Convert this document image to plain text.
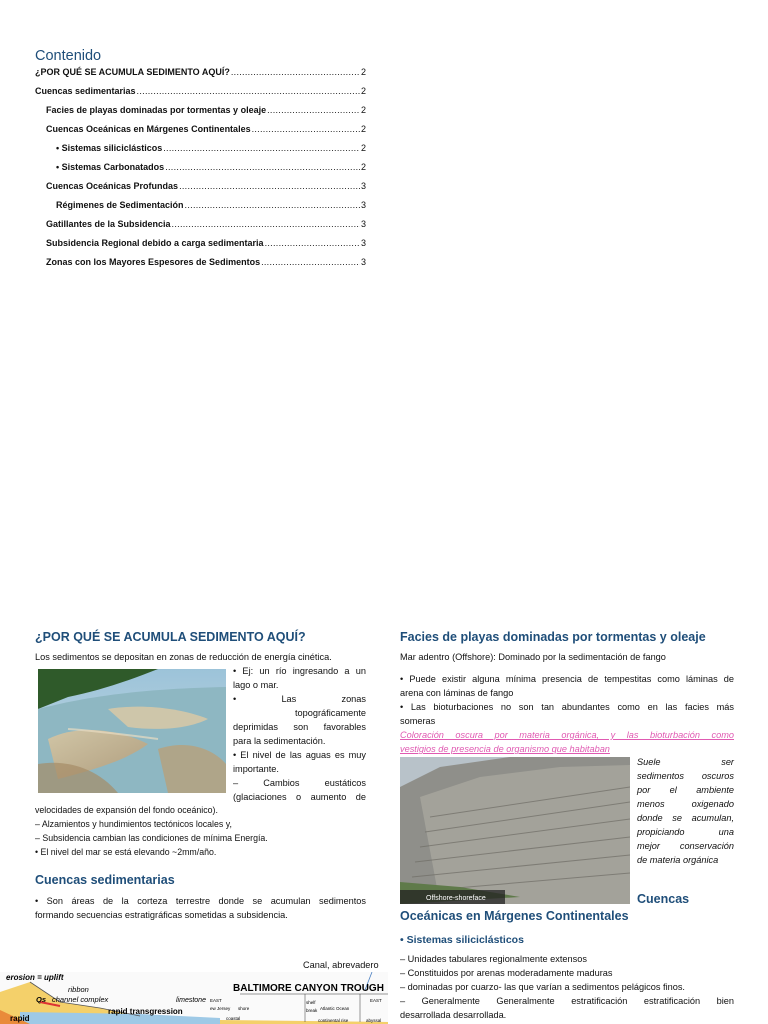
Contenido
¿POR QUÉ SE ACUMULA SEDIMENTO AQUÍ? .....	2
Cuencas sedimentarias .....	2
Facies de playas dominadas por tormentas y oleaje .....	2
Cuencas Oceánicas en Márgenes Continentales .....	2
• Sistemas siliciclásticos .....	2
• Sistemas Carbonatados .....	2
Cuencas Oceánicas Profundas .....	3
Régimenes de Sedimentación .....	3
Gatillantes de la Subsidencia .....	3
Subsidencia Regional debido a carga sedimentaria .....	3
Zonas con los Mayores Espesores de Sedimentos .....	3
¿POR QUÉ SE ACUMULA SEDIMENTO AQUÍ?
Los sedimentos se depositan en zonas de reducción de energía cinética.
• Ej: un río ingresando a un
lago o mar.
• Las zonas
topográficamente
deprimidas son favorables
para la sedimentación.
• El nivel de las aguas es muy
importante.
– Cambios eustáticos
(glaciaciones o aumento de
velocidades de expansión del fondo oceánico).
– Alzamientos y hundimientos tectónicos locales y,
– Subsidencia cambian las condiciones de mínima Energía.
• El nivel del mar se está elevando ~2mm/año.
Cuencas sedimentarias
• Son áreas de la corteza terrestre donde se acumulan sedimentos
formando secuencias estratigráficas sometidas a subsidencia.
Canal, abrevadero
erosion = uplift
ribbon
channel complex
rapid transgression
limestone
rapid
Qs
BALTIMORE CANYON TROUGH
EAST	shelf
Atlantic Ocean
EAST
abyssal
ew Jersey shore
coastal
break
continental rise
Facies de playas dominadas por tormentas y oleaje
Mar adentro (Offshore): Dominado por la sedimentación de fango
• Puede existir alguna mínima presencia de tempestitas como láminas de
arena con láminas de fango
• Las bioturbaciones no son tan abundantes como en las facies más
someras
Coloración oscura por materia orgánica, y las bioturbación como
vestigios de presencia de organismo que habitaban
Offshore-shoreface
Suele ser
sedimentos oscuros
por el ambiente
menos oxigenado
donde se acumulan,
propiciando una
mejor conservación
de materia orgánica
Cuencas
Oceánicas en Márgenes Continentales
• Sistemas siliciclásticos
– Unidades tabulares regionalmente extensos
– Constituidos por arenas moderadamente maduras
– dominadas por cuarzo- las que varían a sedimentos pelágicos finos.
– Generalmente Generalmente estratificación estratificación bien
desarrollada desarrollada.
